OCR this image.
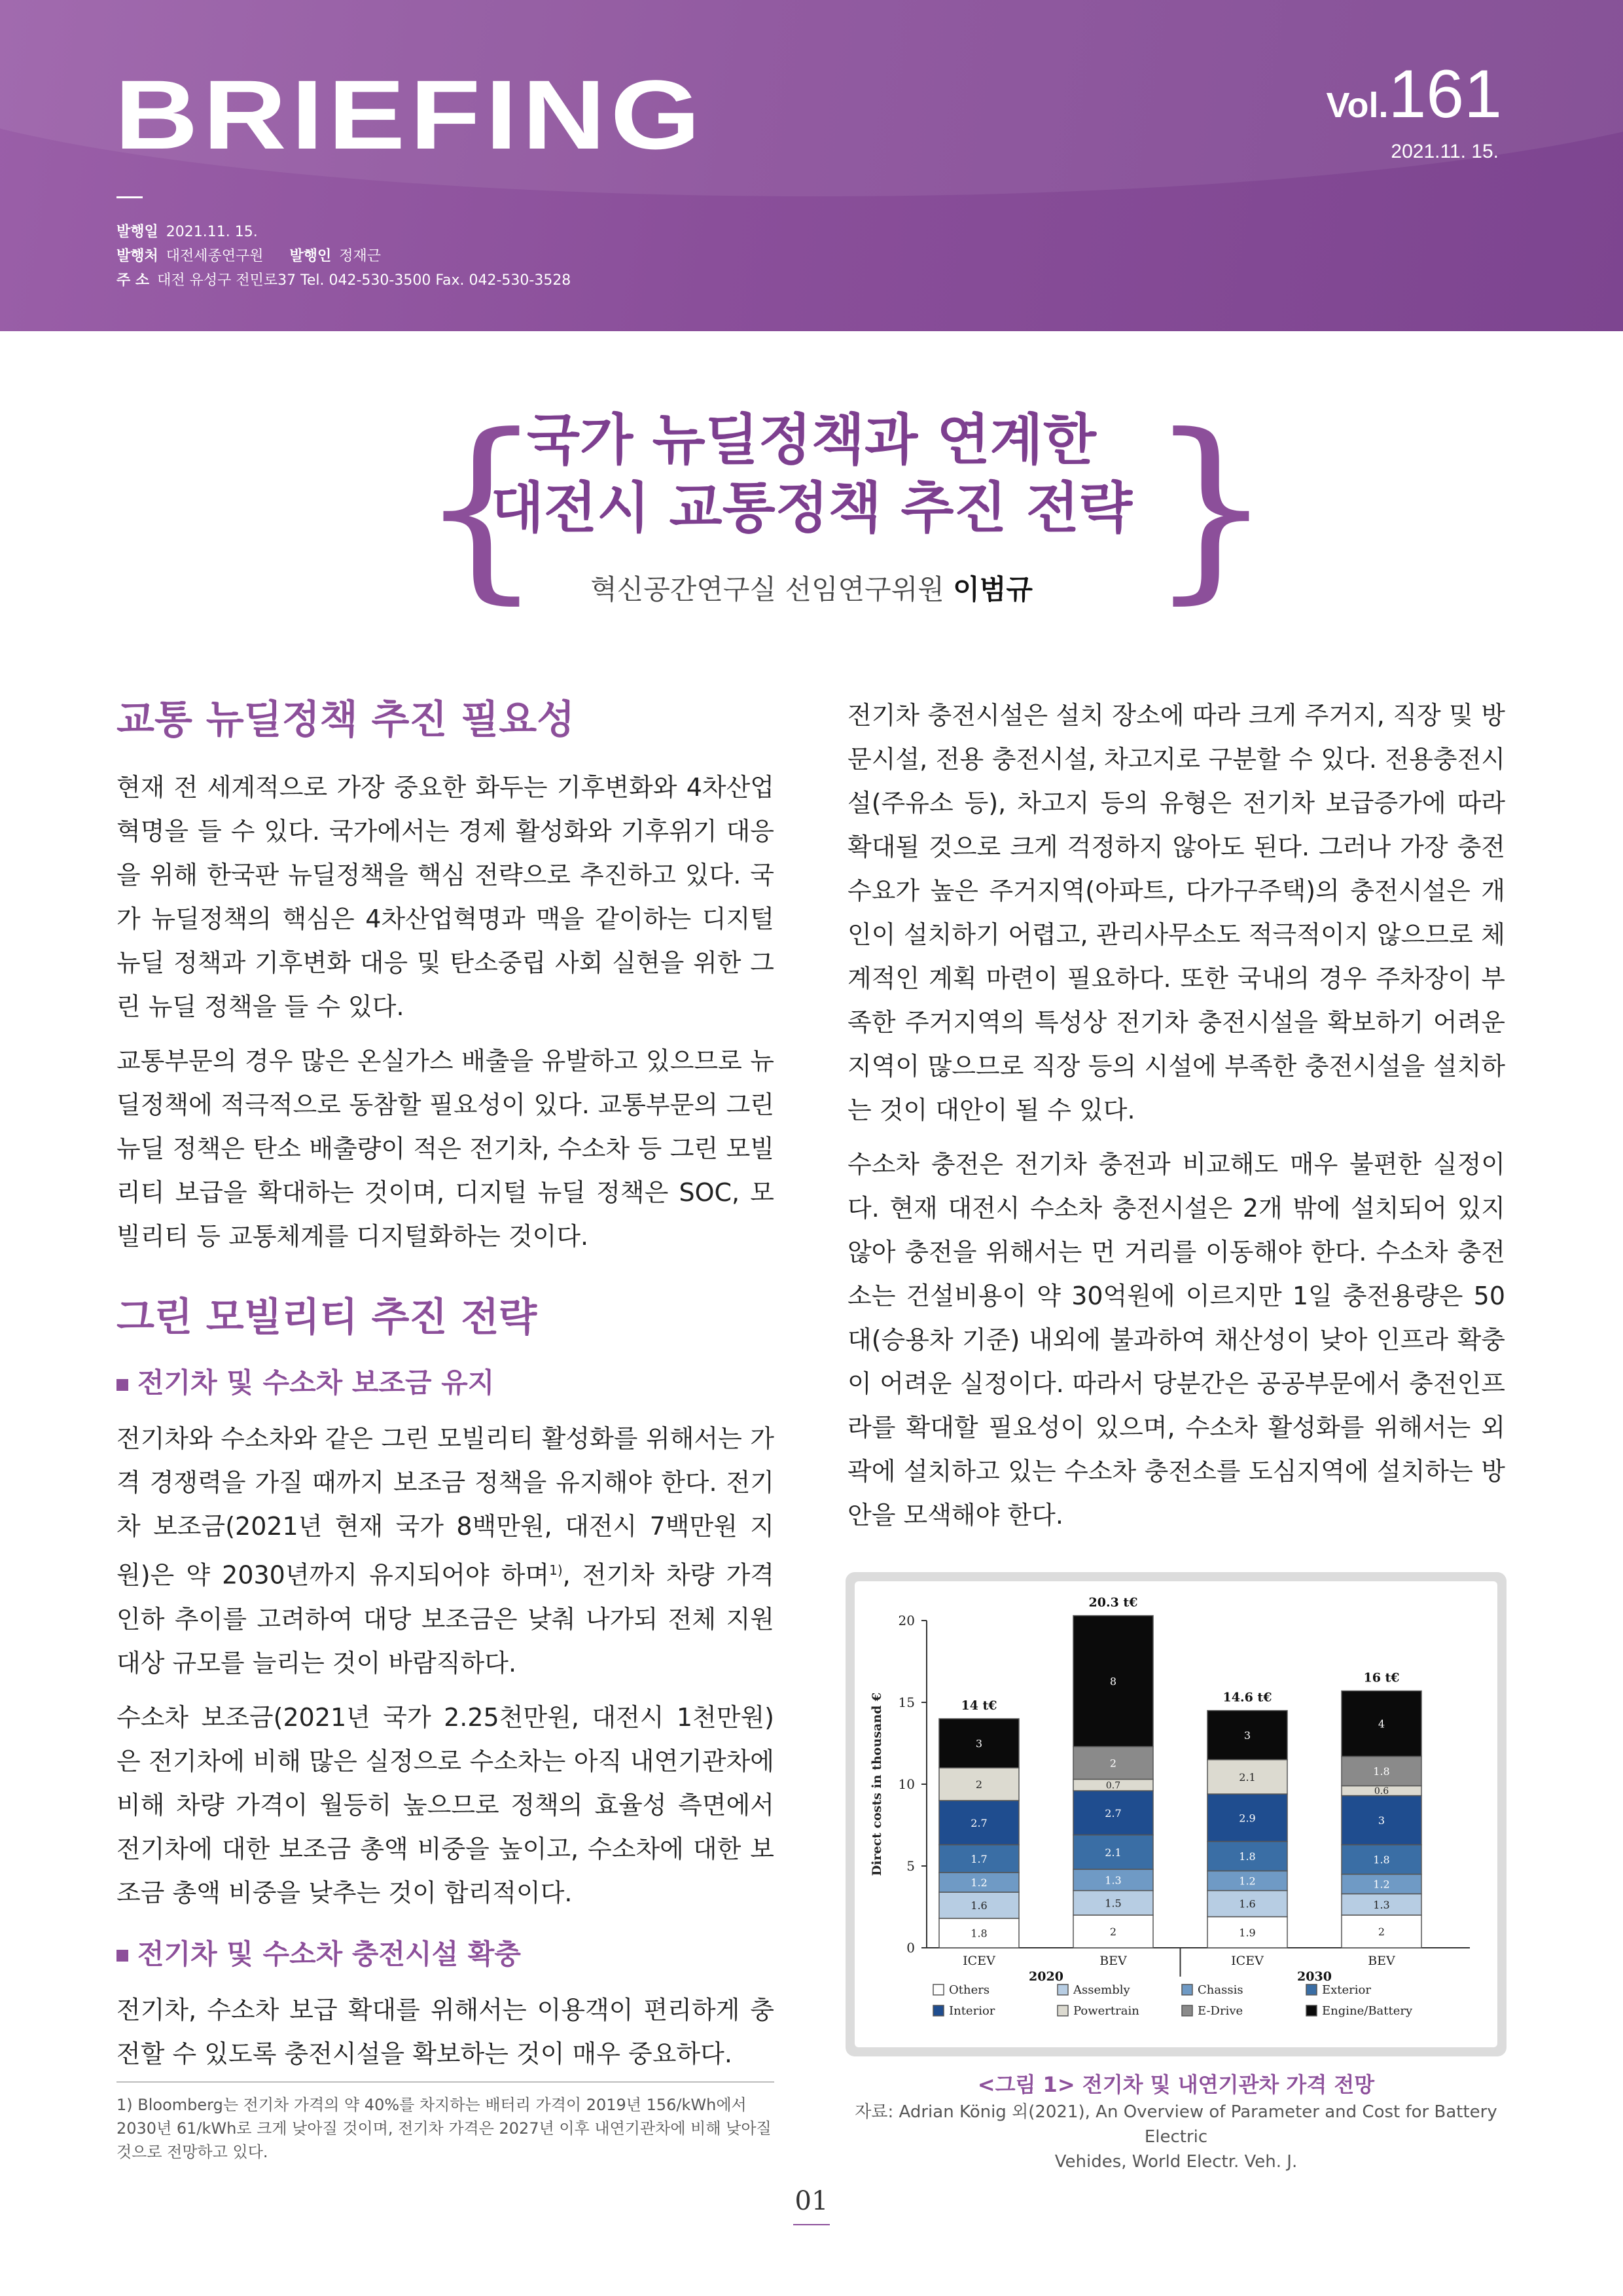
BRIEFING	Vol.161
2021.11. 15.
발행일 2021.11. 15.
발행처 대전세종연구원 발행인 정재근
주 소 대전 유성구 전민로37 Tel. 042-530-3500 Fax. 042-530-3528
{	}
국가 뉴딜정책과 연계한
대전시 교통정책 추진 전략
혁신공간연구실 선임연구위원 이범규
교통 뉴딜정책 추진 필요성

현재 전 세계적으로 가장 중요한 화두는 기후변화와 4차산업혁명을 들 수 있다. 국가에서는 경제 활성화와 기후위기 대응을 위해 한국판 뉴딜정책을 핵심 전략으로 추진하고 있다. 국가 뉴딜정책의 핵심은 4차산업혁명과 맥을 같이하는 디지털 뉴딜 정책과 기후변화 대응 및 탄소중립 사회 실현을 위한 그린 뉴딜 정책을 들 수 있다.

교통부문의 경우 많은 온실가스 배출을 유발하고 있으므로 뉴딜정책에 적극적으로 동참할 필요성이 있다. 교통부문의 그린 뉴딜 정책은 탄소 배출량이 적은 전기차, 수소차 등 그린 모빌리티 보급을 확대하는 것이며, 디지털 뉴딜 정책은 SOC, 모빌리티 등 교통체계를 디지털화하는 것이다.

그린 모빌리티 추진 전략
전기차 및 수소차 보조금 유지

전기차와 수소차와 같은 그린 모빌리티 활성화를 위해서는 가격 경쟁력을 가질 때까지 보조금 정책을 유지해야 한다. 전기차 보조금(2021년 현재 국가 8백만원, 대전시 7백만원 지원)은 약 2030년까지 유지되어야 하며$^{1)}$, 전기차 차량 가격 인하 추이를 고려하여 대당 보조금은 낮춰 나가되 전체 지원대상 규모를 늘리는 것이 바람직하다.

수소차 보조금(2021년 국가 2.25천만원, 대전시 1천만원)은 전기차에 비해 많은 실정으로 수소차는 아직 내연기관차에 비해 차량 가격이 월등히 높으므로 정책의 효율성 측면에서 전기차에 대한 보조금 총액 비중을 높이고, 수소차에 대한 보조금 총액 비중을 낮추는 것이 합리적이다.

전기차 및 수소차 충전시설 확충

전기차, 수소차 보급 확대를 위해서는 이용객이 편리하게 충전할 수 있도록 충전시설을 확보하는 것이 매우 중요하다.

1) Bloomberg는 전기차 가격의 약 40%를 차지하는 배터리 가격이 2019년 156/kWh에서 2030년 61/kWh로 크게 낮아질 것이며, 전기차 가격은 2027년 이후 내연기관차에 비해 낮아질 것으로 전망하고 있다.

전기차 충전시설은 설치 장소에 따라 크게 주거지, 직장 및 방문시설, 전용 충전시설, 차고지로 구분할 수 있다. 전용충전시설(주유소 등), 차고지 등의 유형은 전기차 보급증가에 따라 확대될 것으로 크게 걱정하지 않아도 된다. 그러나 가장 충전수요가 높은 주거지역(아파트, 다가구주택)의 충전시설은 개인이 설치하기 어렵고, 관리사무소도 적극적이지 않으므로 체계적인 계획 마련이 필요하다. 또한 국내의 경우 주차장이 부족한 주거지역의 특성상 전기차 충전시설을 확보하기 어려운 지역이 많으므로 직장 등의 시설에 부족한 충전시설을 설치하는 것이 대안이 될 수 있다.

수소차 충전은 전기차 충전과 비교해도 매우 불편한 실정이다. 현재 대전시 수소차 충전시설은 2개 밖에 설치되어 있지 않아 충전을 위해서는 먼 거리를 이동해야 한다. 수소차 충전소는 건설비용이 약 30억원에 이르지만 1일 충전용량은 50대(승용차 기준) 내외에 불과하여 채산성이 낮아 인프라 확충이 어려운 실정이다. 따라서 당분간은 공공부문에서 충전인프라를 확대할 필요성이 있으며, 수소차 활성화를 위해서는 외곽에 설치하고 있는 수소차 충전소를 도심지역에 설치하는 방안을 모색해야 한다.

0
5
10
15
20
Direct costs in thousand €
1.8
1.6
1.2
1.7
2.7
2
3
14 t€
ICEV
2
1.5
1.3
2.1
2.7
0.7
2
8
20.3 t€
BEV
1.9
1.6
1.2
1.8
2.9
2.1
3
14.6 t€
ICEV
2
1.3
1.2
1.8
3
0.6
1.8
4
16 t€
BEV
2020	2030
Others	Assembly	Chassis	Exterior
Interior	Powertrain	E-Drive	Engine/Battery
<그림 1> 전기차 및 내연기관차 가격 전망
자료: Adrian König 외(2021), An Overview of Parameter and Cost for Battery Electric
Vehides, World Electr. Veh. J.
01
